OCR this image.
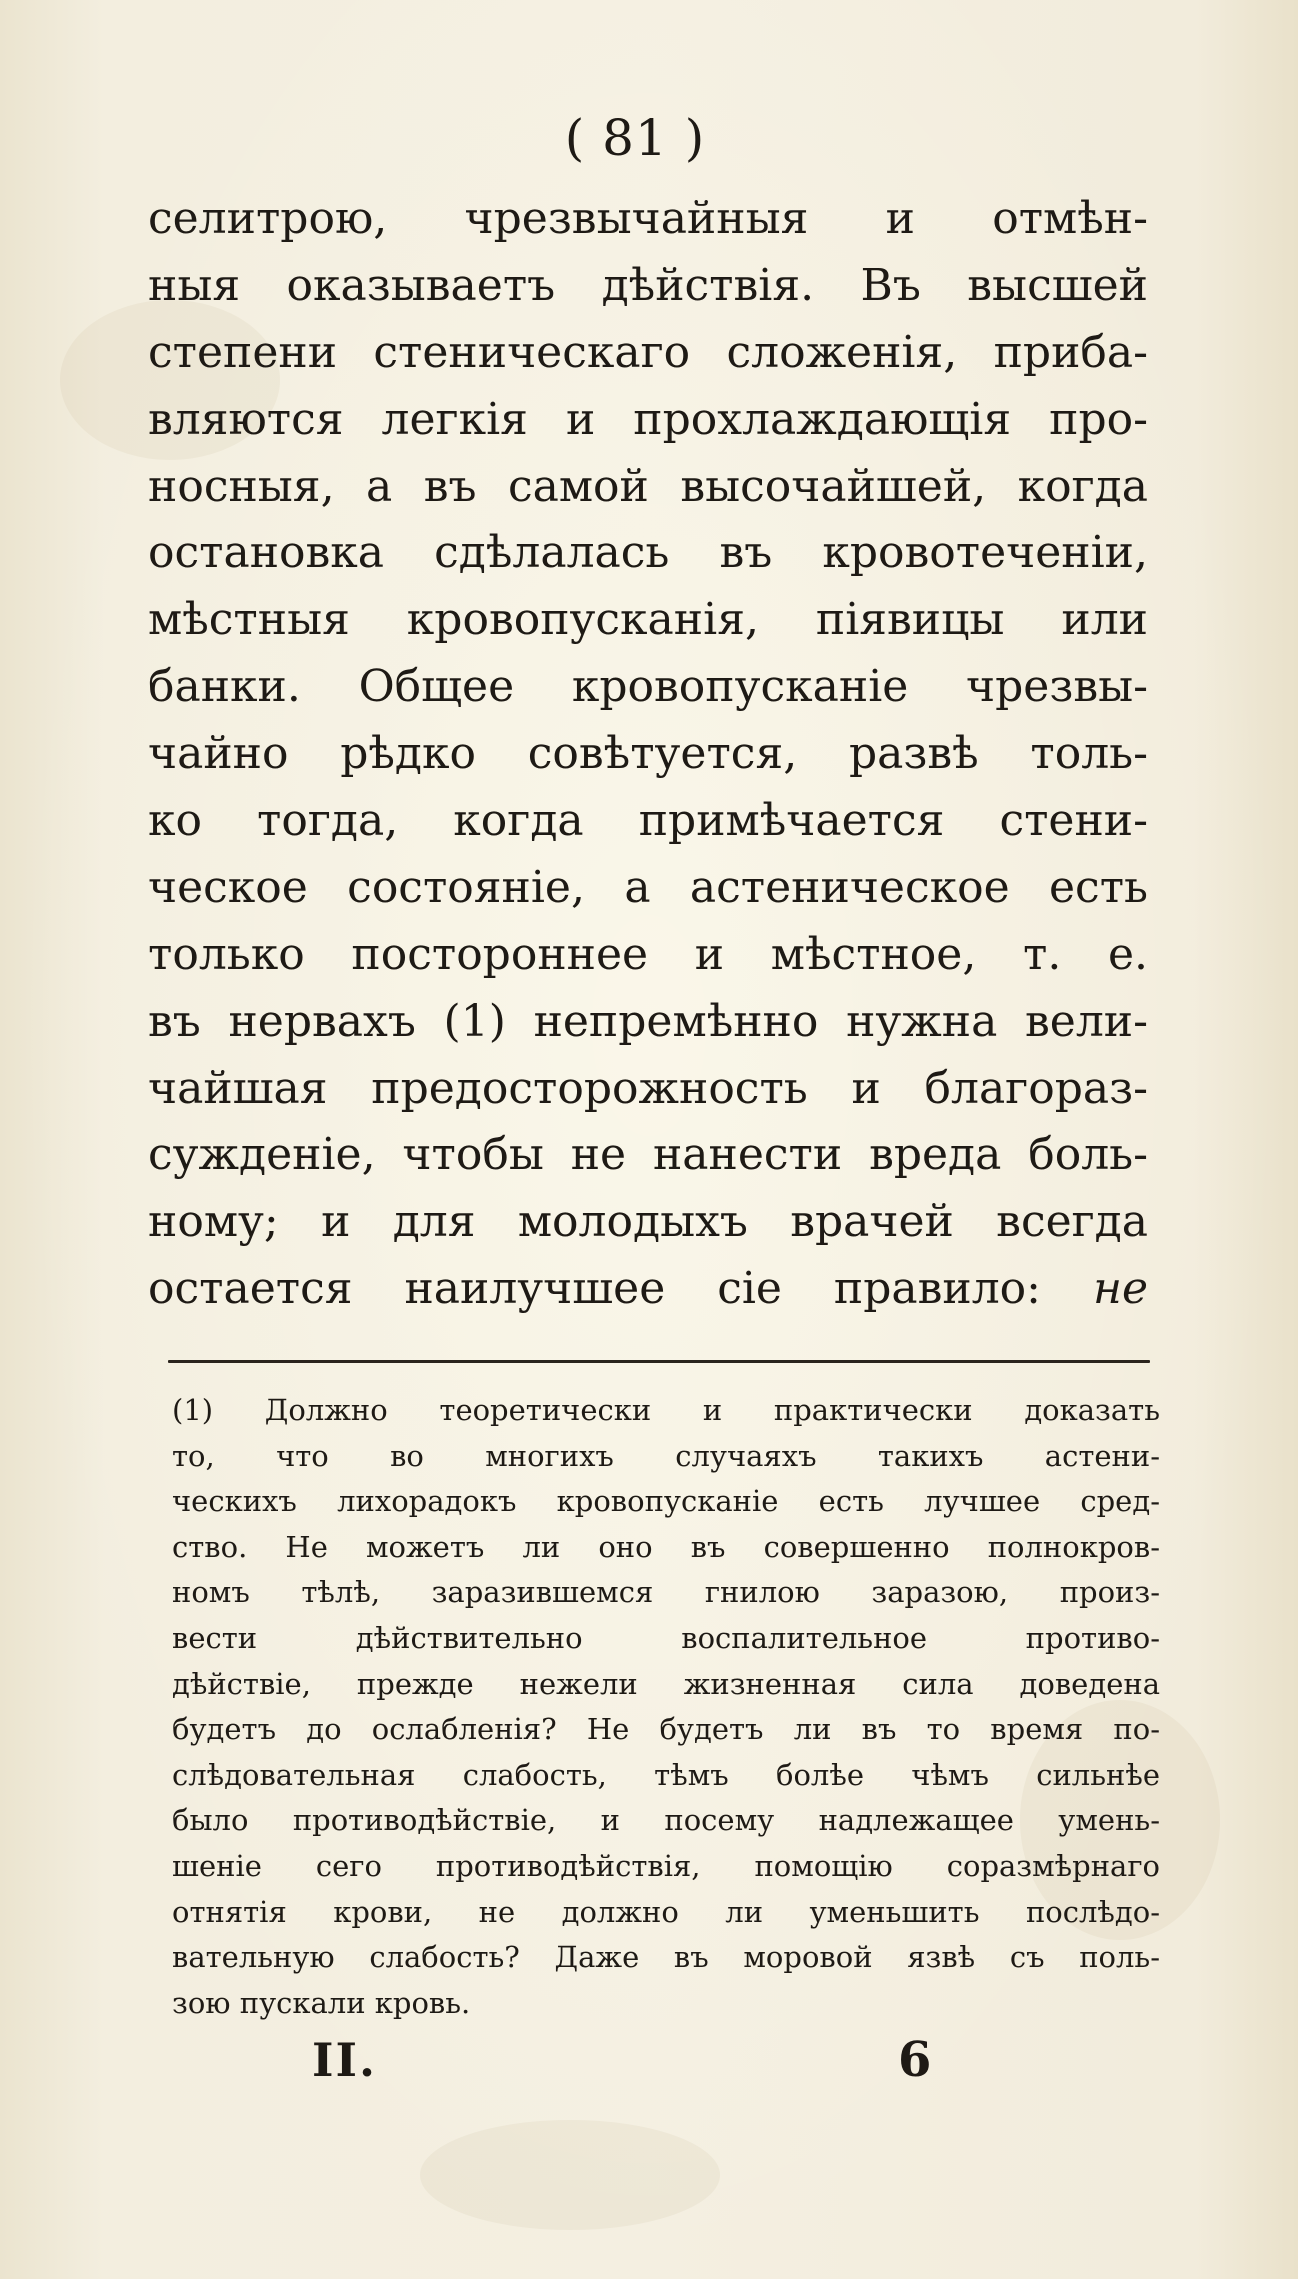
( 81 )
селитрою, чрезвычайныя и отмѣн-
ныя оказываетъ дѣйствія. Въ высшей
степени стеническаго сложенія, приба-
вляются легкія и прохлаждающія про-
носныя, а въ самой высочайшей, когда
остановка сдѣлалась въ кровотеченіи,
мѣстныя кровопусканія, піявицы или
банки. Общее кровопусканіе чрезвы-
чайно рѣдко совѣтуется, развѣ толь-
ко тогда, когда примѣчается стени-
ческое состояніе, а астеническое есть
только постороннее и мѣстное, т. е.
въ нервахъ (1) непремѣнно нужна вели-
чайшая предосторожность и благораз-
сужденіе, чтобы не нанести вреда боль-
ному; и для молодыхъ врачей всегда
остается наилучшее сіе правило: не
(1) Должно теоретически и практически доказать
то, что во многихъ случаяхъ такихъ астени-
ческихъ лихорадокъ кровопусканіе есть лучшее сред-
ство. Не можетъ ли оно въ совершенно полнокров-
номъ тѣлѣ, заразившемся гнилою заразою, произ-
вести дѣйствительно воспалительное противо-
дѣйствіе, прежде нежели жизненная сила доведена
будетъ до ослабленія? Не будетъ ли въ то время по-
слѣдовательная слабость, тѣмъ болѣе чѣмъ сильнѣе
было противодѣйствіе, и посему надлежащее умень-
шеніе сего противодѣйствія, помощію соразмѣрнаго
отнятія крови, не должно ли уменьшить послѣдо-
вательную слабость? Даже въ моровой язвѣ съ поль-
зою пускали кровь.
II.	6
